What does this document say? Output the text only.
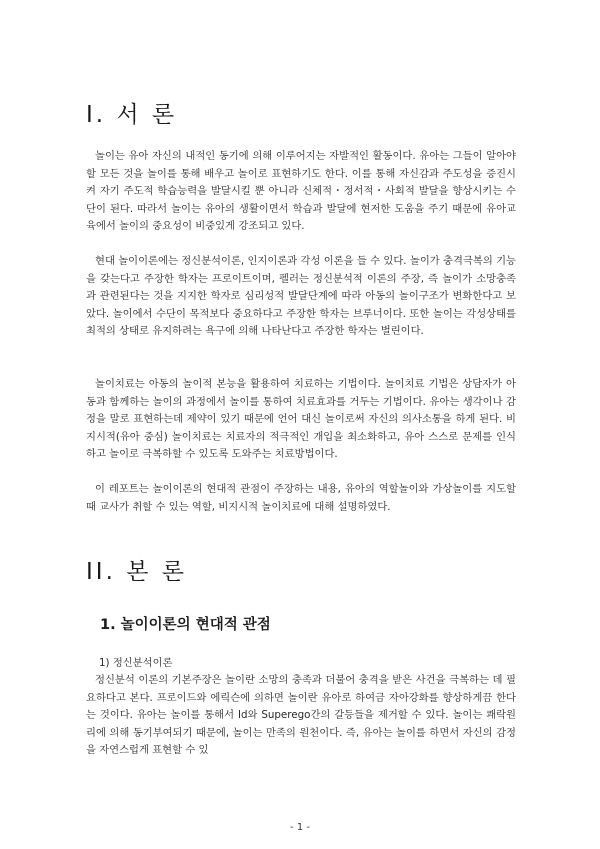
I. 서 론

놀이는 유아 자신의 내적인 동기에 의해 이루어지는 자발적인 활동이다. 유아는 그들이 알아야 할 모든 것을 놀이를 통해 배우고 놀이로 표현하기도 한다. 이를 통해 자신감과 주도성을 증진시켜 자기 주도적 학습능력을 발달시킬 뿐 아니라 신체적・정서적・사회적 발달을 향상시키는 수단이 된다. 따라서 놀이는 유아의 생활이면서 학습과 발달에 현저한 도움을 주기 때문에 유아교육에서 놀이의 중요성이 비중있게 강조되고 있다.

현대 놀이이론에는 정신분석이론, 인지이론과 각성 이론을 들 수 있다. 놀이가 충격극복의 기능을 갖는다고 주장한 학자는 프로이트이며, 펠러는 정신분석적 이론의 주장, 즉 놀이가 소망충족과 관련된다는 것을 지지한 학자로 심리성적 발달단계에 따라 아동의 놀이구조가 변화한다고 보았다. 놀이에서 수단이 목적보다 중요하다고 주장한 학자는 브루너이다. 또한 놀이는 각성상태를 최적의 상태로 유지하려는 욕구에 의해 나타난다고 주장한 학자는 벌린이다.

놀이치료는 아동의 놀이적 본능을 활용하여 치료하는 기법이다. 놀이치료 기법은 상담자가 아동과 함께하는 놀이의 과정에서 놀이를 통하여 치료효과를 거두는 기법이다. 유아는 생각이나 감정을 말로 표현하는데 제약이 있기 때문에 언어 대신 놀이로써 자신의 의사소통을 하게 된다. 비지시적(유아 중심) 놀이치료는 치료자의 적극적인 개입을 최소화하고, 유아 스스로 문제를 인식하고 놀이로 극복하할 수 있도록 도와주는 치료방법이다.

이 레포트는 놀이이론의 현대적 관점이 주장하는 내용, 유아의 역할놀이와 가상놀이를 지도할 때 교사가 취할 수 있는 역할, 비지시적 놀이치료에 대해 설명하였다.

II. 본 론
1. 놀이이론의 현대적 관점
1) 정신분석이론

정신분석 이론의 기본주장은 놀이란 소망의 충족과 더불어 충격을 받은 사건을 극복하는 데 필요하다고 본다. 프로이드와 에릭슨에 의하면 놀이란 유아로 하여금 자아강화를 향상하게끔 한다는 것이다. 유아는 놀이를 통해서 Id와 Superego간의 갈등들을 제거할 수 있다. 놀이는 쾌락원리에 의해 동기부여되기 때문에, 놀이는 만족의 원천이다. 즉, 유아는 놀이를 하면서 자신의 감정을 자연스럽게 표현할 수 있

- 1 -
